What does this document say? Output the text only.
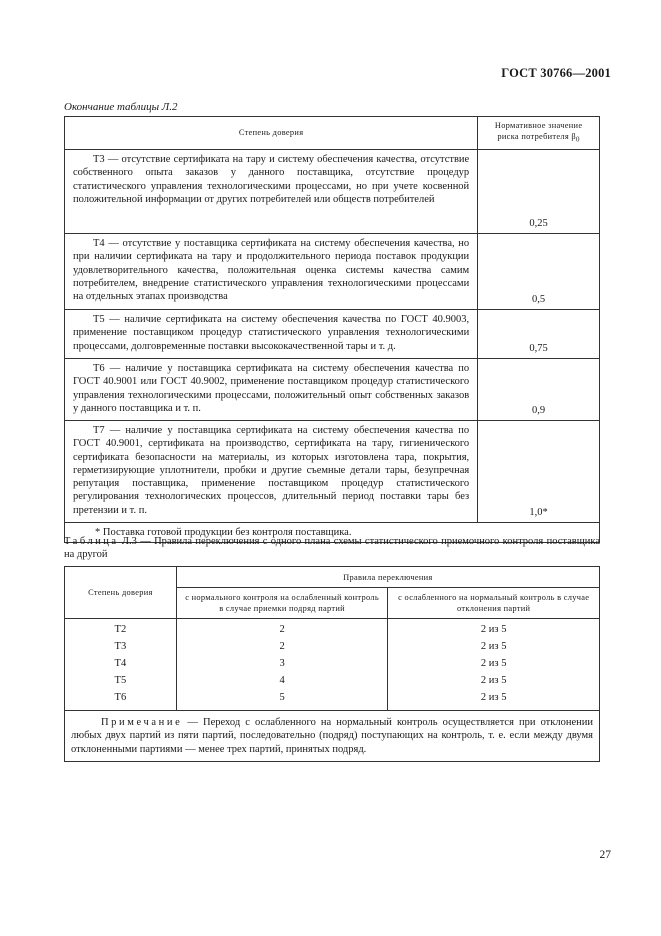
ГОСТ 30766—2001
Окончание таблицы Л.2
Степень доверия	Нормативное значение
риска потребителя $\beta_0$
Т3 — отсутствие сертификата на тару и систему обеспечения качества, отсутствие собственного опыта заказов у данного поставщика, отсутствие процедур статистического управления технологическими процессами, но при учете косвенной положительной информации от других потребителей или обществ потребителей	0,25
Т4 — отсутствие у поставщика сертификата на систему обеспечения качества, но при наличии сертификата на тару и продолжительного периода поставок продукции удовлетворительного качества, положительная оценка системы качества самим потребителем, внедрение статистического управления технологическими процессами на отдельных этапах производства	0,5
Т5 — наличие сертификата на систему обеспечения качества по ГОСТ 40.9003, применение поставщиком процедур статистического управления технологическими процессами, долговременные поставки высококачественной тары и т. д.	0,75
Т6 — наличие у поставщика сертификата на систему обеспечения качества по ГОСТ 40.9001 или ГОСТ 40.9002, применение поставщиком процедур статистического управления технологическими процессами, положительный опыт собственных заказов у данного поставщика и т. п.	0,9
Т7 — наличие у поставщика сертификата на систему обеспечения качества по ГОСТ 40.9001, сертификата на производство, сертификата на тару, гигиенического сертификата безопасности на материалы, из которых изготовлена тара, покрытия, герметизирующие уплотнители, пробки и другие съемные детали тары, безупречная репутация поставщика, применение поставщиком процедур статистического регулирования технологических процессов, длительный период поставки тары без претензии и т. п.	1,0*
* Поставка готовой продукции без контроля поставщика.	
Таблица Л.3 — Правила переключения с одного плана схемы статистического приемочного контроля поставщика на другой
Степень доверия	Правила переключения	
	с нормального контроля на ослабленный контроль в случае приемки подряд партий	с ослабленного на нормальный контроль в случае отклонения партий
Т2	2	2 из 5
Т3	2	2 из 5
Т4	3	2 из 5
Т5	4	2 из 5
Т6	5	2 из 5
Примечание — Переход с ослабленного на нормальный контроль осуществляется при отклонении любых двух партий из пяти партий, последовательно (подряд) поступающих на контроль, т. е. если между двумя отклоненными партиями — менее трех партий, принятых подряд.		
27
